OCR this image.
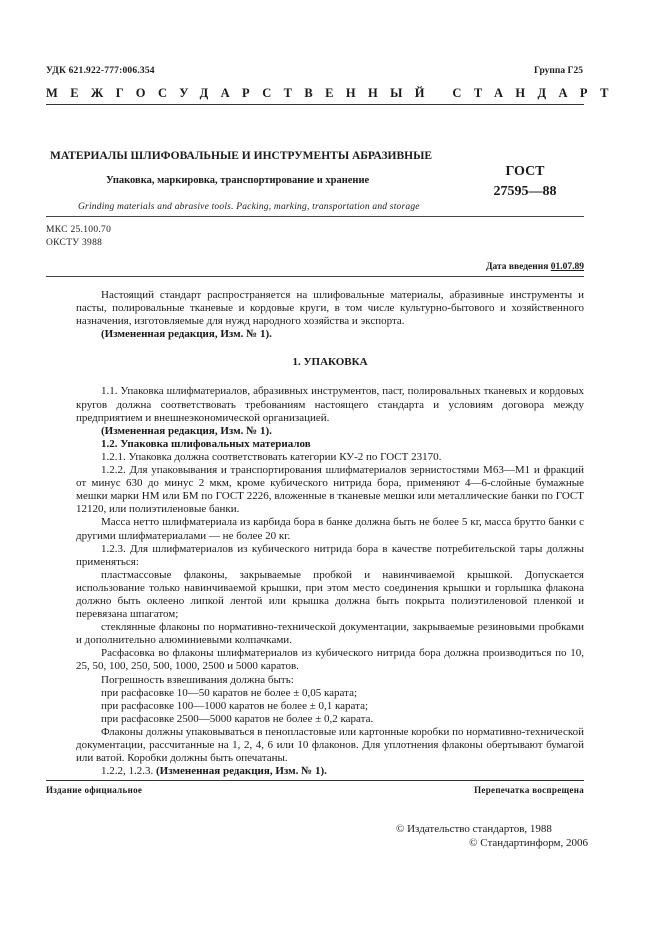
УДК 621.922-777:006.354	Группа Г25
МЕЖГОСУДАРСТВЕННЫЙ СТАНДАРТ
МАТЕРИАЛЫ ШЛИФОВАЛЬНЫЕ И ИНСТРУМЕНТЫ АБРАЗИВНЫЕ
ГОСТ
27595—88
Упаковка, маркировка, транспортирование и хранение
Grinding materials and abrasive tools. Packing, marking, transportation and storage
МКС 25.100.70
ОКСТУ 3988
Дата введения 01.07.89

Настоящий стандарт распространяется на шлифовальные материалы, абразивные инструменты и пасты, полировальные тканевые и кордовые круги, в том числе культурно-бытового и хозяйственного назначения, изготовляемые для нужд народного хозяйства и экспорта.

(Измененная редакция, Изм. № 1).

1. УПАКОВКА

1.1. Упаковка шлифматериалов, абразивных инструментов, паст, полировальных тканевых и кордовых кругов должна соответствовать требованиям настоящего стандарта и условиям договора между предприятием и внешнеэкономической организацией.

(Измененная редакция, Изм. № 1).

1.2. Упаковка шлифовальных материалов

1.2.1. Упаковка должна соответствовать категории КУ-2 по ГОСТ 23170.

1.2.2. Для упаковывания и транспортирования шлифматериалов зернистостями М63—М1 и фракций от минус 630 до минус 2 мкм, кроме кубического нитрида бора, применяют 4—6-слойные бумажные мешки марки НМ или БМ по ГОСТ 2226, вложенные в тканевые мешки или металлические банки по ГОСТ 12120, или полиэтиленовые банки.

Масса нетто шлифматериала из карбида бора в банке должна быть не более 5 кг, масса брутто банки с другими шлифматериалами — не более 20 кг.

1.2.3. Для шлифматериалов из кубического нитрида бора в качестве потребительской тары должны применяться:

пластмассовые флаконы, закрываемые пробкой и навинчиваемой крышкой. Допускается использование только навинчиваемой крышки, при этом место соединения крышки и горлышка флакона должно быть оклеено липкой лентой или крышка должна быть покрыта полиэтиленовой пленкой и перевязана шпагатом;

стеклянные флаконы по нормативно-технической документации, закрываемые резиновыми пробками и дополнительно алюминиевыми колпачками.

Расфасовка во флаконы шлифматериалов из кубического нитрида бора должна производиться по 10, 25, 50, 100, 250, 500, 1000, 2500 и 5000 каратов.

Погрешность взвешивания должна быть:

при расфасовке 10—50 каратов не более ± 0,05 карата;

при расфасовке 100—1000 каратов не более ± 0,1 карата;

при расфасовке 2500—5000 каратов не более ± 0,2 карата.

Флаконы должны упаковываться в пенопластовые или картонные коробки по нормативно-технической документации, рассчитанные на 1, 2, 4, 6 или 10 флаконов. Для уплотнения флаконы обертывают бумагой или ватой. Коробки должны быть опечатаны.

1.2.2, 1.2.3. (Измененная редакция, Изм. № 1).

Издание официальное	Перепечатка воспрещена
© Издательство стандартов, 1988
© Стандартинформ, 2006
